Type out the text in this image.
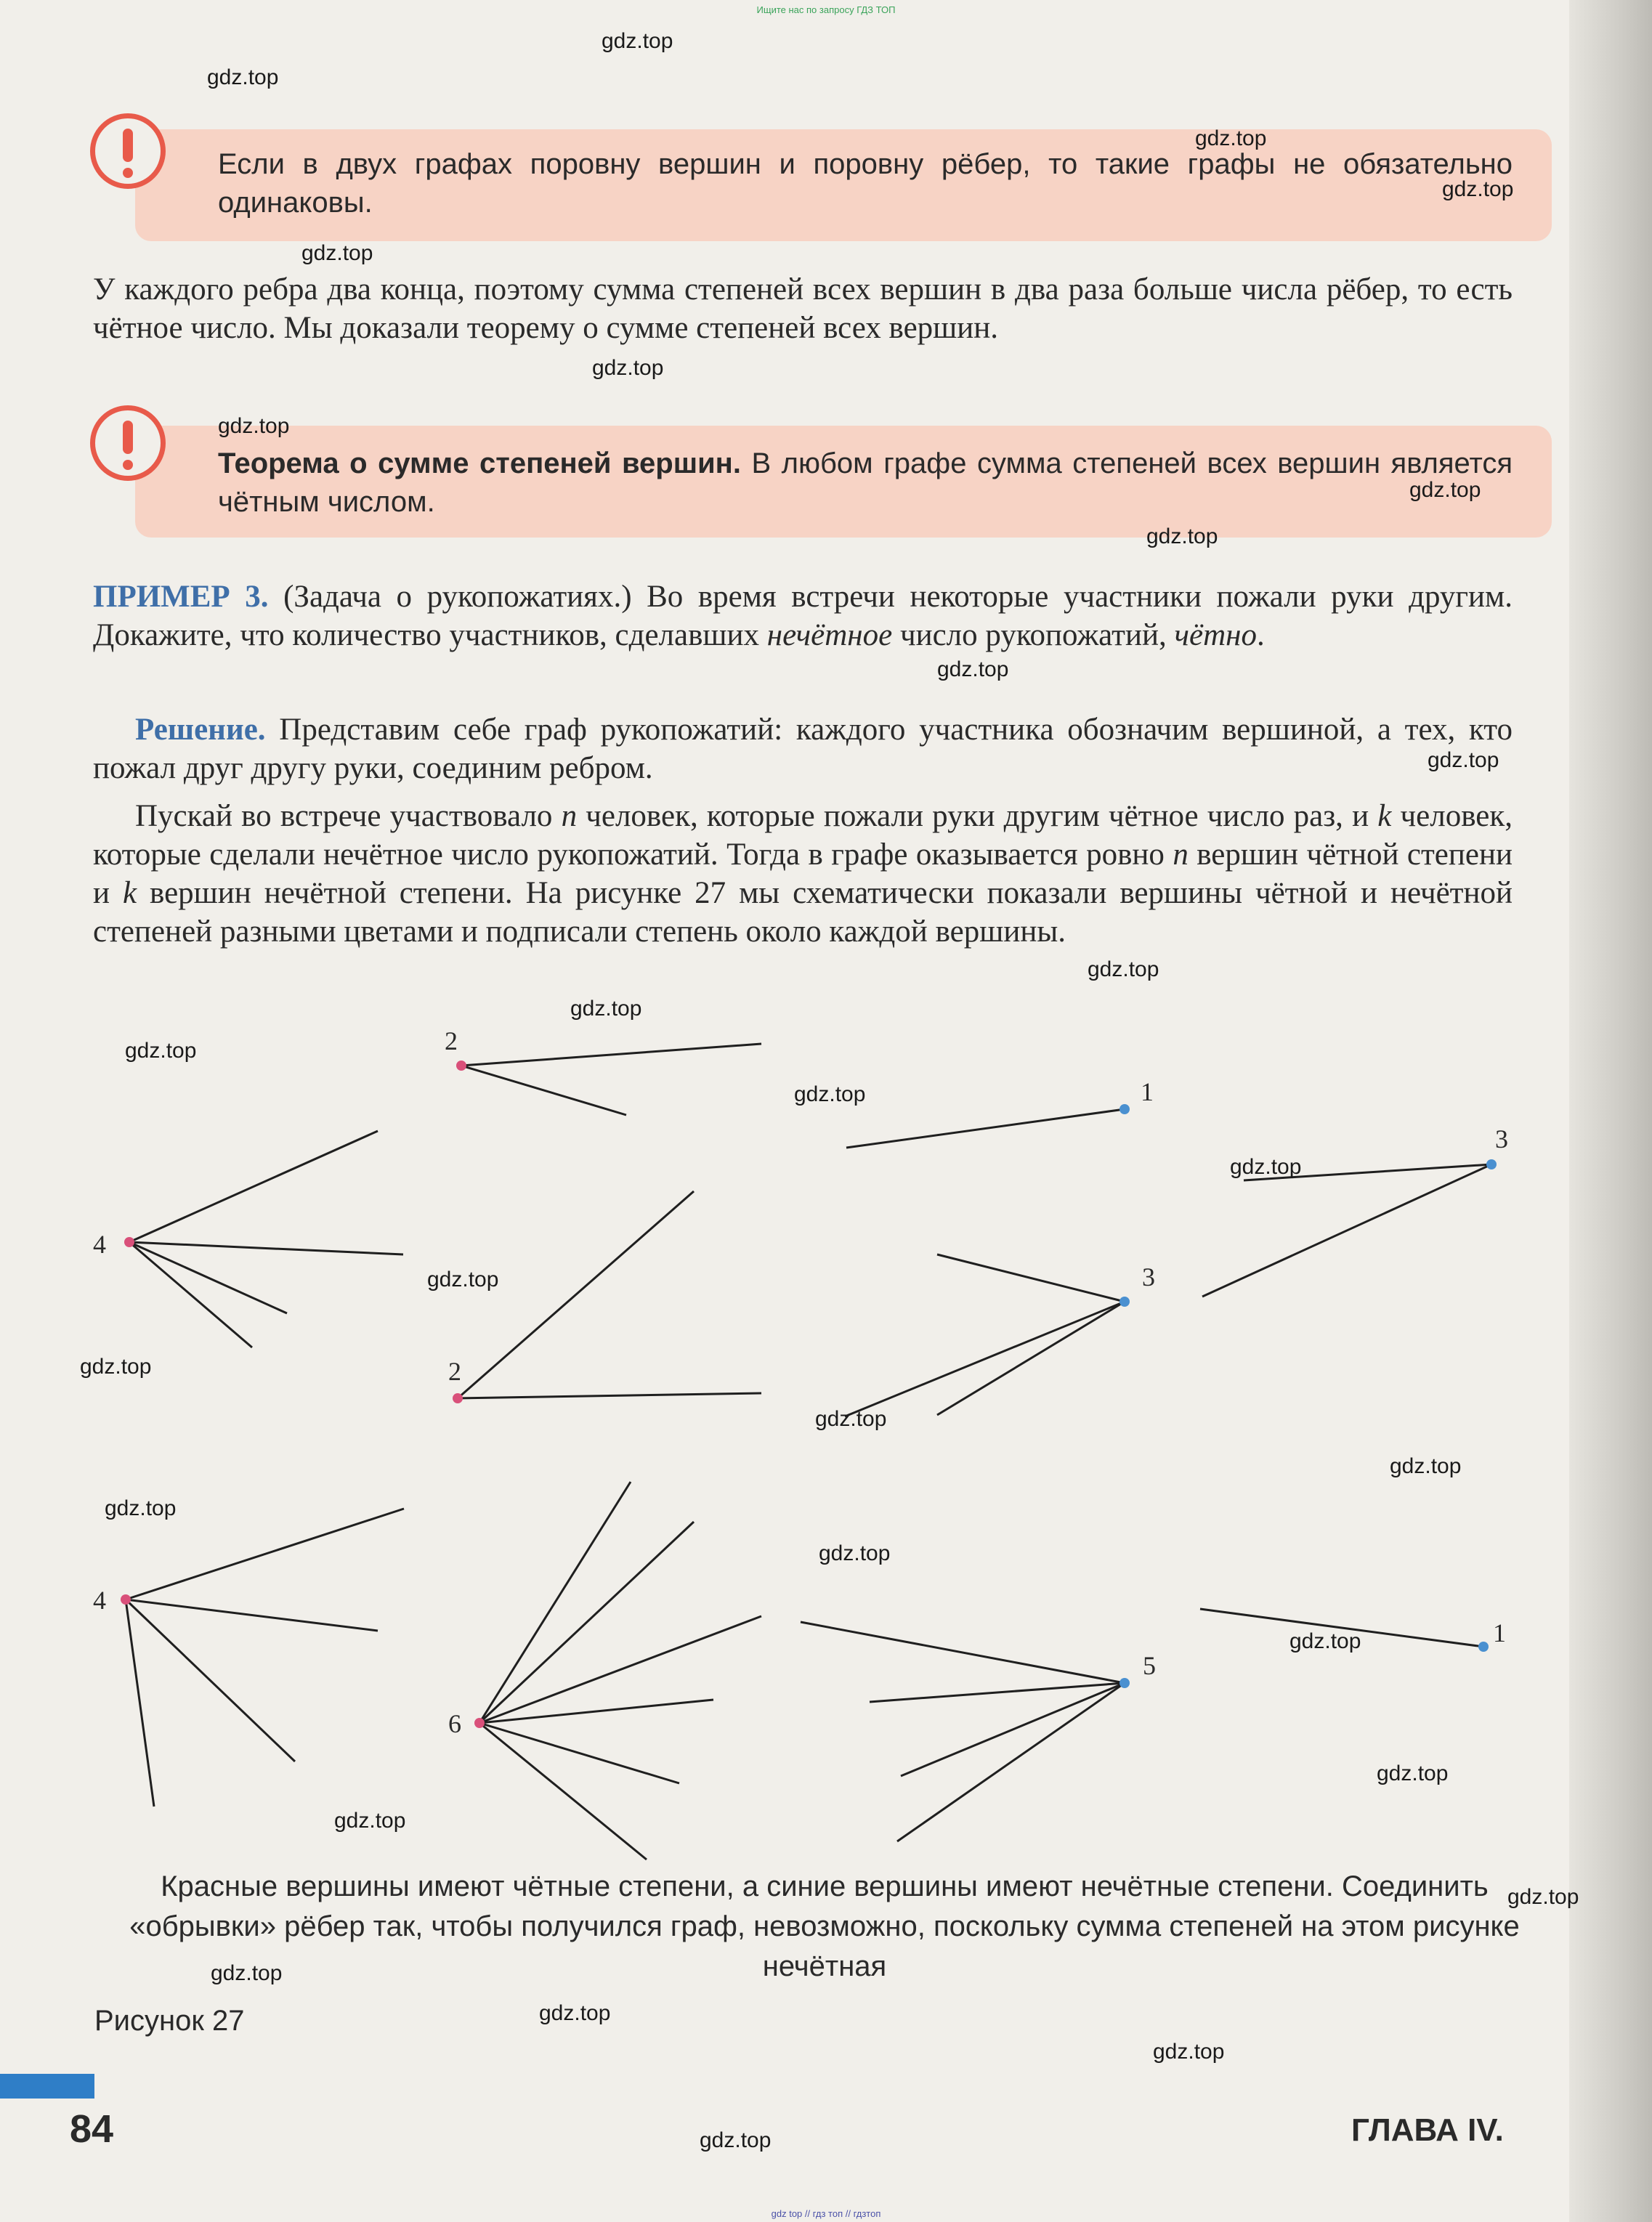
Ищите нас по запросу ГДЗ ТОП
Если в двух графах поровну вершин и поровну рёбер, то такие графы не обязательно одинаковы.
У каждого ребра два конца, поэтому сумма степеней всех вершин в два раза больше числа рёбер, то есть чётное число. Мы доказали теорему о сумме степеней всех вершин.
Теорема о сумме степеней вершин. В любом графе сумма степеней всех вершин является чётным числом.
ПРИМЕР 3. (Задача о рукопожатиях.) Во время встречи некоторые участники пожали руки другим. Докажите, что количество участников, сделавших нечётное число рукопожатий, чётно.
Решение. Представим себе граф рукопожатий: каждого участника обозначим вершиной, а тех, кто пожал друг другу руки, соединим ребром.
Пускай во встрече участвовало n человек, которые пожали руки другим чётное число раз, и k человек, которые сделали нечётное число рукопожатий. Тогда в графе оказывается ровно n вершин чётной степени и k вершин нечётной степени. На рисунке 27 мы схематически показали вершины чётной и нечётной степеней разными цветами и подписали степень около каждой вершины.
2
4
2
1
3
3
4
6
5
1
Красные вершины имеют чётные степени, а синие вершины имеют нечётные степени. Соединить «обрывки» рёбер так, чтобы получился граф, невозможно, поскольку сумма степеней на этом рисунке нечётная
Рисунок 27
gdz.top
gdz.top
gdz.top
gdz.top
gdz.top
gdz.top
gdz.top
gdz.top
gdz.top
gdz.top
gdz.top
gdz.top
gdz.top
gdz.top
gdz.top
gdz.top
gdz.top
gdz.top
gdz.top
gdz.top
gdz.top
gdz.top
gdz.top
gdz.top
gdz.top
gdz.top
gdz.top
gdz.top
gdz.top
gdz.top
84	ГЛАВА IV.
gdz top // гдз топ // гдзтоп
